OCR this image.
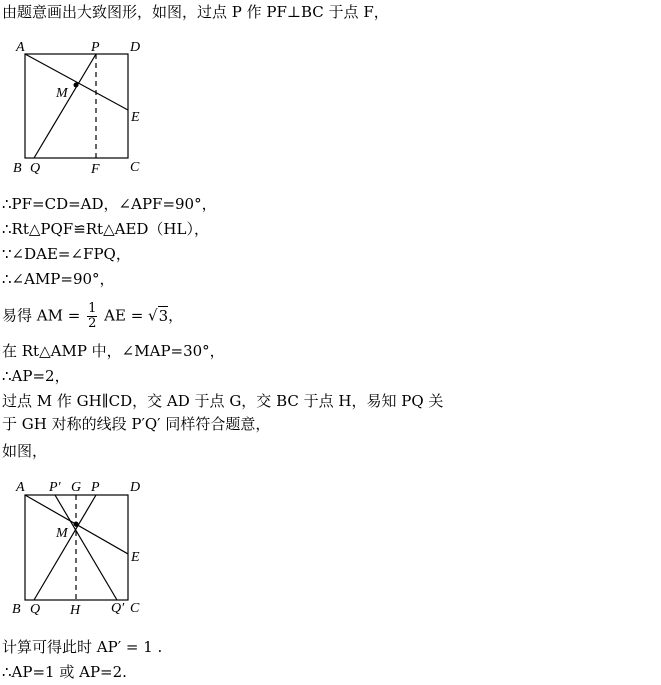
由题意画出大致图形，如图，过点 P 作 PF⊥BC 于点 F，
A	P D
M
E
B Q	F C
∴PF=CD=AD，∠APF=90°，
∴Rt△PQF≌Rt△AED（HL），
∵∠DAE=∠FPQ，
∴∠AMP=90°，
易得 AM = $\frac{1}{2}$ AE = √3，
在 Rt△AMP 中，∠MAP=30°，
∴AP=2，
过点 M 作 GH∥CD，交 AD 于点 G，交 BC 于点 H，易知 PQ 关
于 GH 对称的线段 P′Q′ 同样符合题意，
如图，
A P′ G P D
M
E
B Q H Q′ C
计算可得此时 AP′ = 1 .
∴AP=1 或 AP=2.
